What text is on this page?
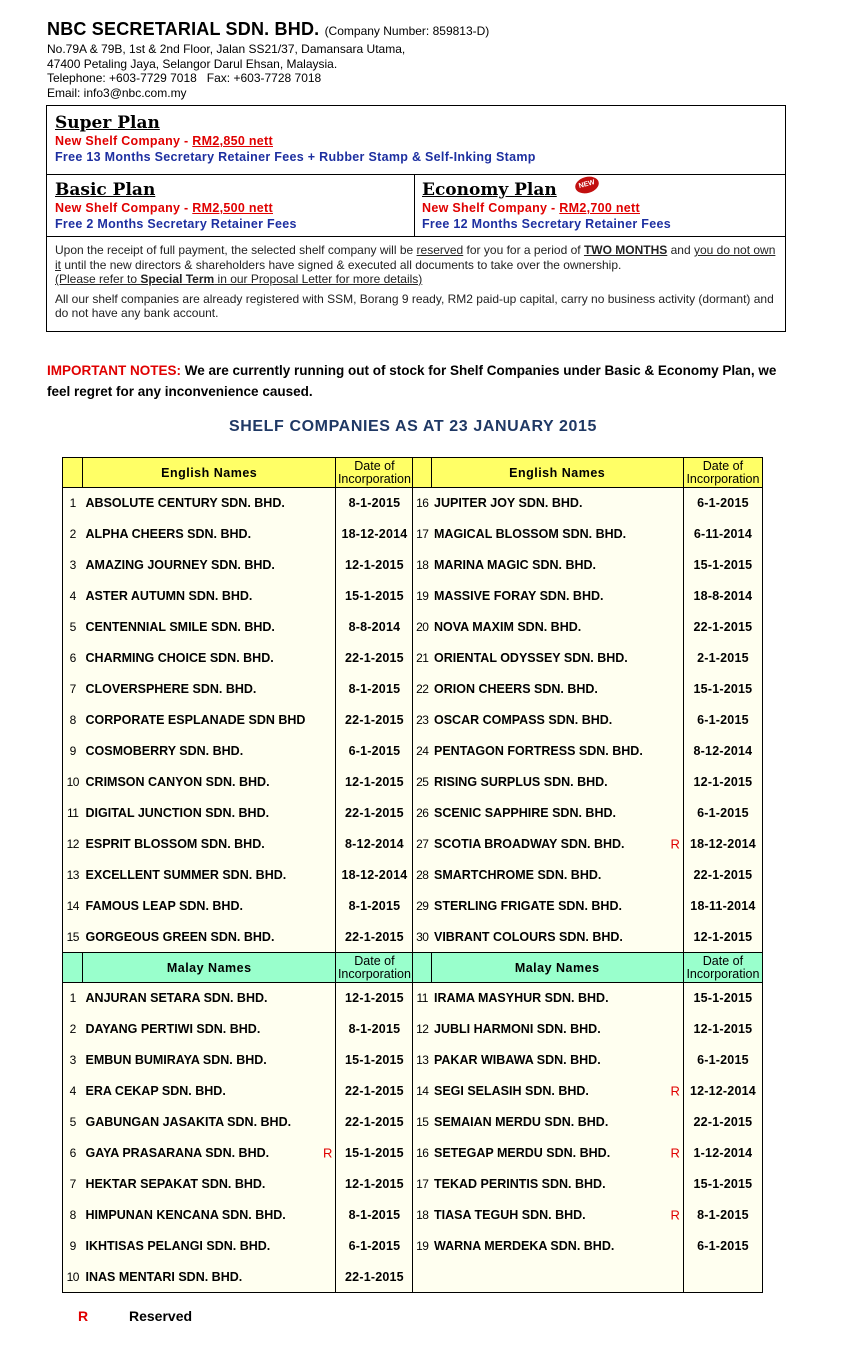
NBC SECRETARIAL SDN. BHD. (Company Number: 859813-D)
No.79A & 79B, 1st & 2nd Floor, Jalan SS21/37, Damansara Utama,
47400 Petaling Jaya, Selangor Darul Ehsan, Malaysia.
Telephone: +603-7729 7018   Fax: +603-7728 7018
Email: info3@nbc.com.my
Super Plan
New Shelf Company - RM2,850 nett
Free 13 Months Secretary Retainer Fees + Rubber Stamp & Self-Inking Stamp
Basic Plan
New Shelf Company - RM2,500 nett
Free 2 Months Secretary Retainer Fees
Economy Plan	NEW
New Shelf Company - RM2,700 nett
Free 12 Months Secretary Retainer Fees

Upon the receipt of full payment, the selected shelf company will be reserved for you for a period of TWO MONTHS and you do not own it until the new directors & shareholders have signed & executed all documents to take over the ownership.
(Please refer to Special Term in our Proposal Letter for more details)

All our shelf companies are already registered with SSM, Borang 9 ready, RM2 paid-up capital, carry no business activity (dormant) and do not have any bank account.

IMPORTANT NOTES: We are currently running out of stock for Shelf Companies under Basic & Economy Plan, we feel regret for any inconvenience caused.
SHELF COMPANIES AS AT 23 JANUARY 2015
	English Names	Date of
Incorporation		English Names	Date of
Incorporation
1	ABSOLUTE CENTURY SDN. BHD.	8-1-2015	16	JUPITER JOY SDN. BHD.	6-1-2015
2	ALPHA CHEERS SDN. BHD.	18-12-2014	17	MAGICAL BLOSSOM SDN. BHD.	6-11-2014
3	AMAZING JOURNEY SDN. BHD.	12-1-2015	18	MARINA MAGIC SDN. BHD.	15-1-2015
4	ASTER AUTUMN SDN. BHD.	15-1-2015	19	MASSIVE FORAY SDN. BHD.	18-8-2014
5	CENTENNIAL SMILE SDN. BHD.	8-8-2014	20	NOVA MAXIM SDN. BHD.	22-1-2015
6	CHARMING CHOICE SDN. BHD.	22-1-2015	21	ORIENTAL ODYSSEY SDN. BHD.	2-1-2015
7	CLOVERSPHERE SDN. BHD.	8-1-2015	22	ORION CHEERS SDN. BHD.	15-1-2015
8	CORPORATE ESPLANADE SDN BHD	22-1-2015	23	OSCAR COMPASS SDN. BHD.	6-1-2015
9	COSMOBERRY SDN. BHD.	6-1-2015	24	PENTAGON FORTRESS SDN. BHD.	8-12-2014
10	CRIMSON CANYON SDN. BHD.	12-1-2015	25	RISING SURPLUS SDN. BHD.	12-1-2015
11	DIGITAL JUNCTION SDN. BHD.	22-1-2015	26	SCENIC SAPPHIRE SDN. BHD.	6-1-2015
12	ESPRIT BLOSSOM SDN. BHD.	8-12-2014	27	SCOTIA BROADWAY SDN. BHD. R	18-12-2014
13	EXCELLENT SUMMER SDN. BHD.	18-12-2014	28	SMARTCHROME SDN. BHD.	22-1-2015
14	FAMOUS LEAP SDN. BHD.	8-1-2015	29	STERLING FRIGATE SDN. BHD.	18-11-2014
15	GORGEOUS GREEN SDN. BHD.	22-1-2015	30	VIBRANT COLOURS SDN. BHD.	12-1-2015
	Malay Names	Date of
Incorporation		Malay Names	Date of
Incorporation
1	ANJURAN SETARA SDN. BHD.	12-1-2015	11	IRAMA MASYHUR SDN. BHD.	15-1-2015
2	DAYANG PERTIWI SDN. BHD.	8-1-2015	12	JUBLI HARMONI SDN. BHD.	12-1-2015
3	EMBUN BUMIRAYA SDN. BHD.	15-1-2015	13	PAKAR WIBAWA SDN. BHD.	6-1-2015
4	ERA CEKAP SDN. BHD.	22-1-2015	14	SEGI SELASIH SDN. BHD. R	12-12-2014
5	GABUNGAN JASAKITA SDN. BHD.	22-1-2015	15	SEMAIAN MERDU SDN. BHD.	22-1-2015
6	GAYA PRASARANA SDN. BHD. R	15-1-2015	16	SETEGAP MERDU SDN. BHD. R	1-12-2014
7	HEKTAR SEPAKAT SDN. BHD.	12-1-2015	17	TEKAD PERINTIS SDN. BHD.	15-1-2015
8	HIMPUNAN KENCANA SDN. BHD.	8-1-2015	18	TIASA TEGUH SDN. BHD. R	8-1-2015
9	IKHTISAS PELANGI SDN. BHD.	6-1-2015	19	WARNA MERDEKA SDN. BHD.	6-1-2015
10	INAS MENTARI SDN. BHD.	22-1-2015		

R	Reserved
